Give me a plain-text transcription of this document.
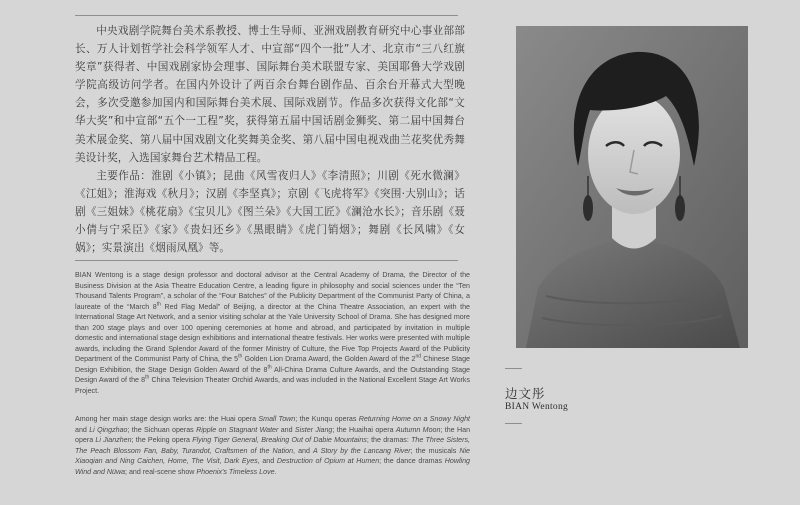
中央戏剧学院舞台美术系教授、博士生导师、亚洲戏剧教育研究中心事业部部长、万人计划哲学社会科学领军人才、中宣部“四个一批”人才、北京市“三八红旗奖章”获得者、中国戏剧家协会理事、国际舞台美术联盟专家、美国耶鲁大学戏剧学院高级访问学者。在国内外设计了两百余台舞台剧作品、百余台开幕式大型晚会，多次受邀参加国内和国际舞台美术展、国际戏剧节。作品多次获得文化部“文华大奖”和中宣部“五个一工程”奖，获得第五届中国话剧金狮奖、第二届中国舞台美术展金奖、第八届中国戏剧文化奖舞美金奖、第八届中国电视戏曲兰花奖优秀舞美设计奖，入选国家舞台艺术精品工程。

主要作品：淮剧《小镇》；昆曲《风雪夜归人》《李清照》；川剧《死水微澜》《江姐》；淮海戏《秋月》；汉剧《李坚真》；京剧《飞虎将军》《突围·大别山》；话剧《三姐妹》《桃花扇》《宝贝儿》《图兰朵》《大国工匠》《澜沧水长》；音乐剧《聂小倩与宁采臣》《家》《贵妇还乡》《黑眼睛》《虎门销烟》；舞剧《长风啸》《女娲》；实景演出《烟雨凤凰》等。

BIAN Wentong is a stage design professor and doctoral advisor at the Central Academy of Drama, the Director of the Business Division at the Asia Theatre Education Centre, a leading figure in philosophy and social sciences under the “Ten Thousand Talents Program”, a scholar of the “Four Batches” of the Publicity Department of the Communist Party of China, a laureate of the “March 8th Red Flag Medal” of Beijing, a director at the China Theatre Association, an expert with the International Stage Art Network, and a senior visiting scholar at the Yale University School of Drama. She has designed more than 200 stage plays and over 100 opening ceremonies at home and abroad, and participated by invitation in multiple domestic and international stage design exhibitions and international theatre festivals. Her works were presented with multiple awards, including the Grand Splendor Award of the former Ministry of Culture, the Five Top Projects Award of the Publicity Department of the Communist Party of China, the 5th Golden Lion Drama Award, the Golden Award of the 2nd Chinese Stage Design Exhibition, the Stage Design Golden Award of the 8th All-China Drama Culture Awards, and the Outstanding Stage Design Award of the 8th China Television Theater Orchid Awards, and was included in the National Excellent Stage Art Works Project.

Among her main stage design works are: the Huai opera Small Town; the Kunqu operas Returning Home on a Snowy Night and Li Qingzhao; the Sichuan operas Ripple on Stagnant Water and Sister Jiang; the Huaihai opera Autumn Moon; the Han opera Li Jianzhen; the Peking opera Flying Tiger General, Breaking Out of Dabie Mountains; the dramas: The Three Sisters, The Peach Blossom Fan, Baby, Turandot, Craftsmen of the Nation, and A Story by the Lancang River; the musicals Nie Xiaoqian and Ning Caichen, Home, The Visit, Dark Eyes, and Destruction of Opium at Humen; the dance dramas Howling Wind and Nüwa; and real-scene show Phoenix's Timeless Love.

边文彤
BIAN Wentong
